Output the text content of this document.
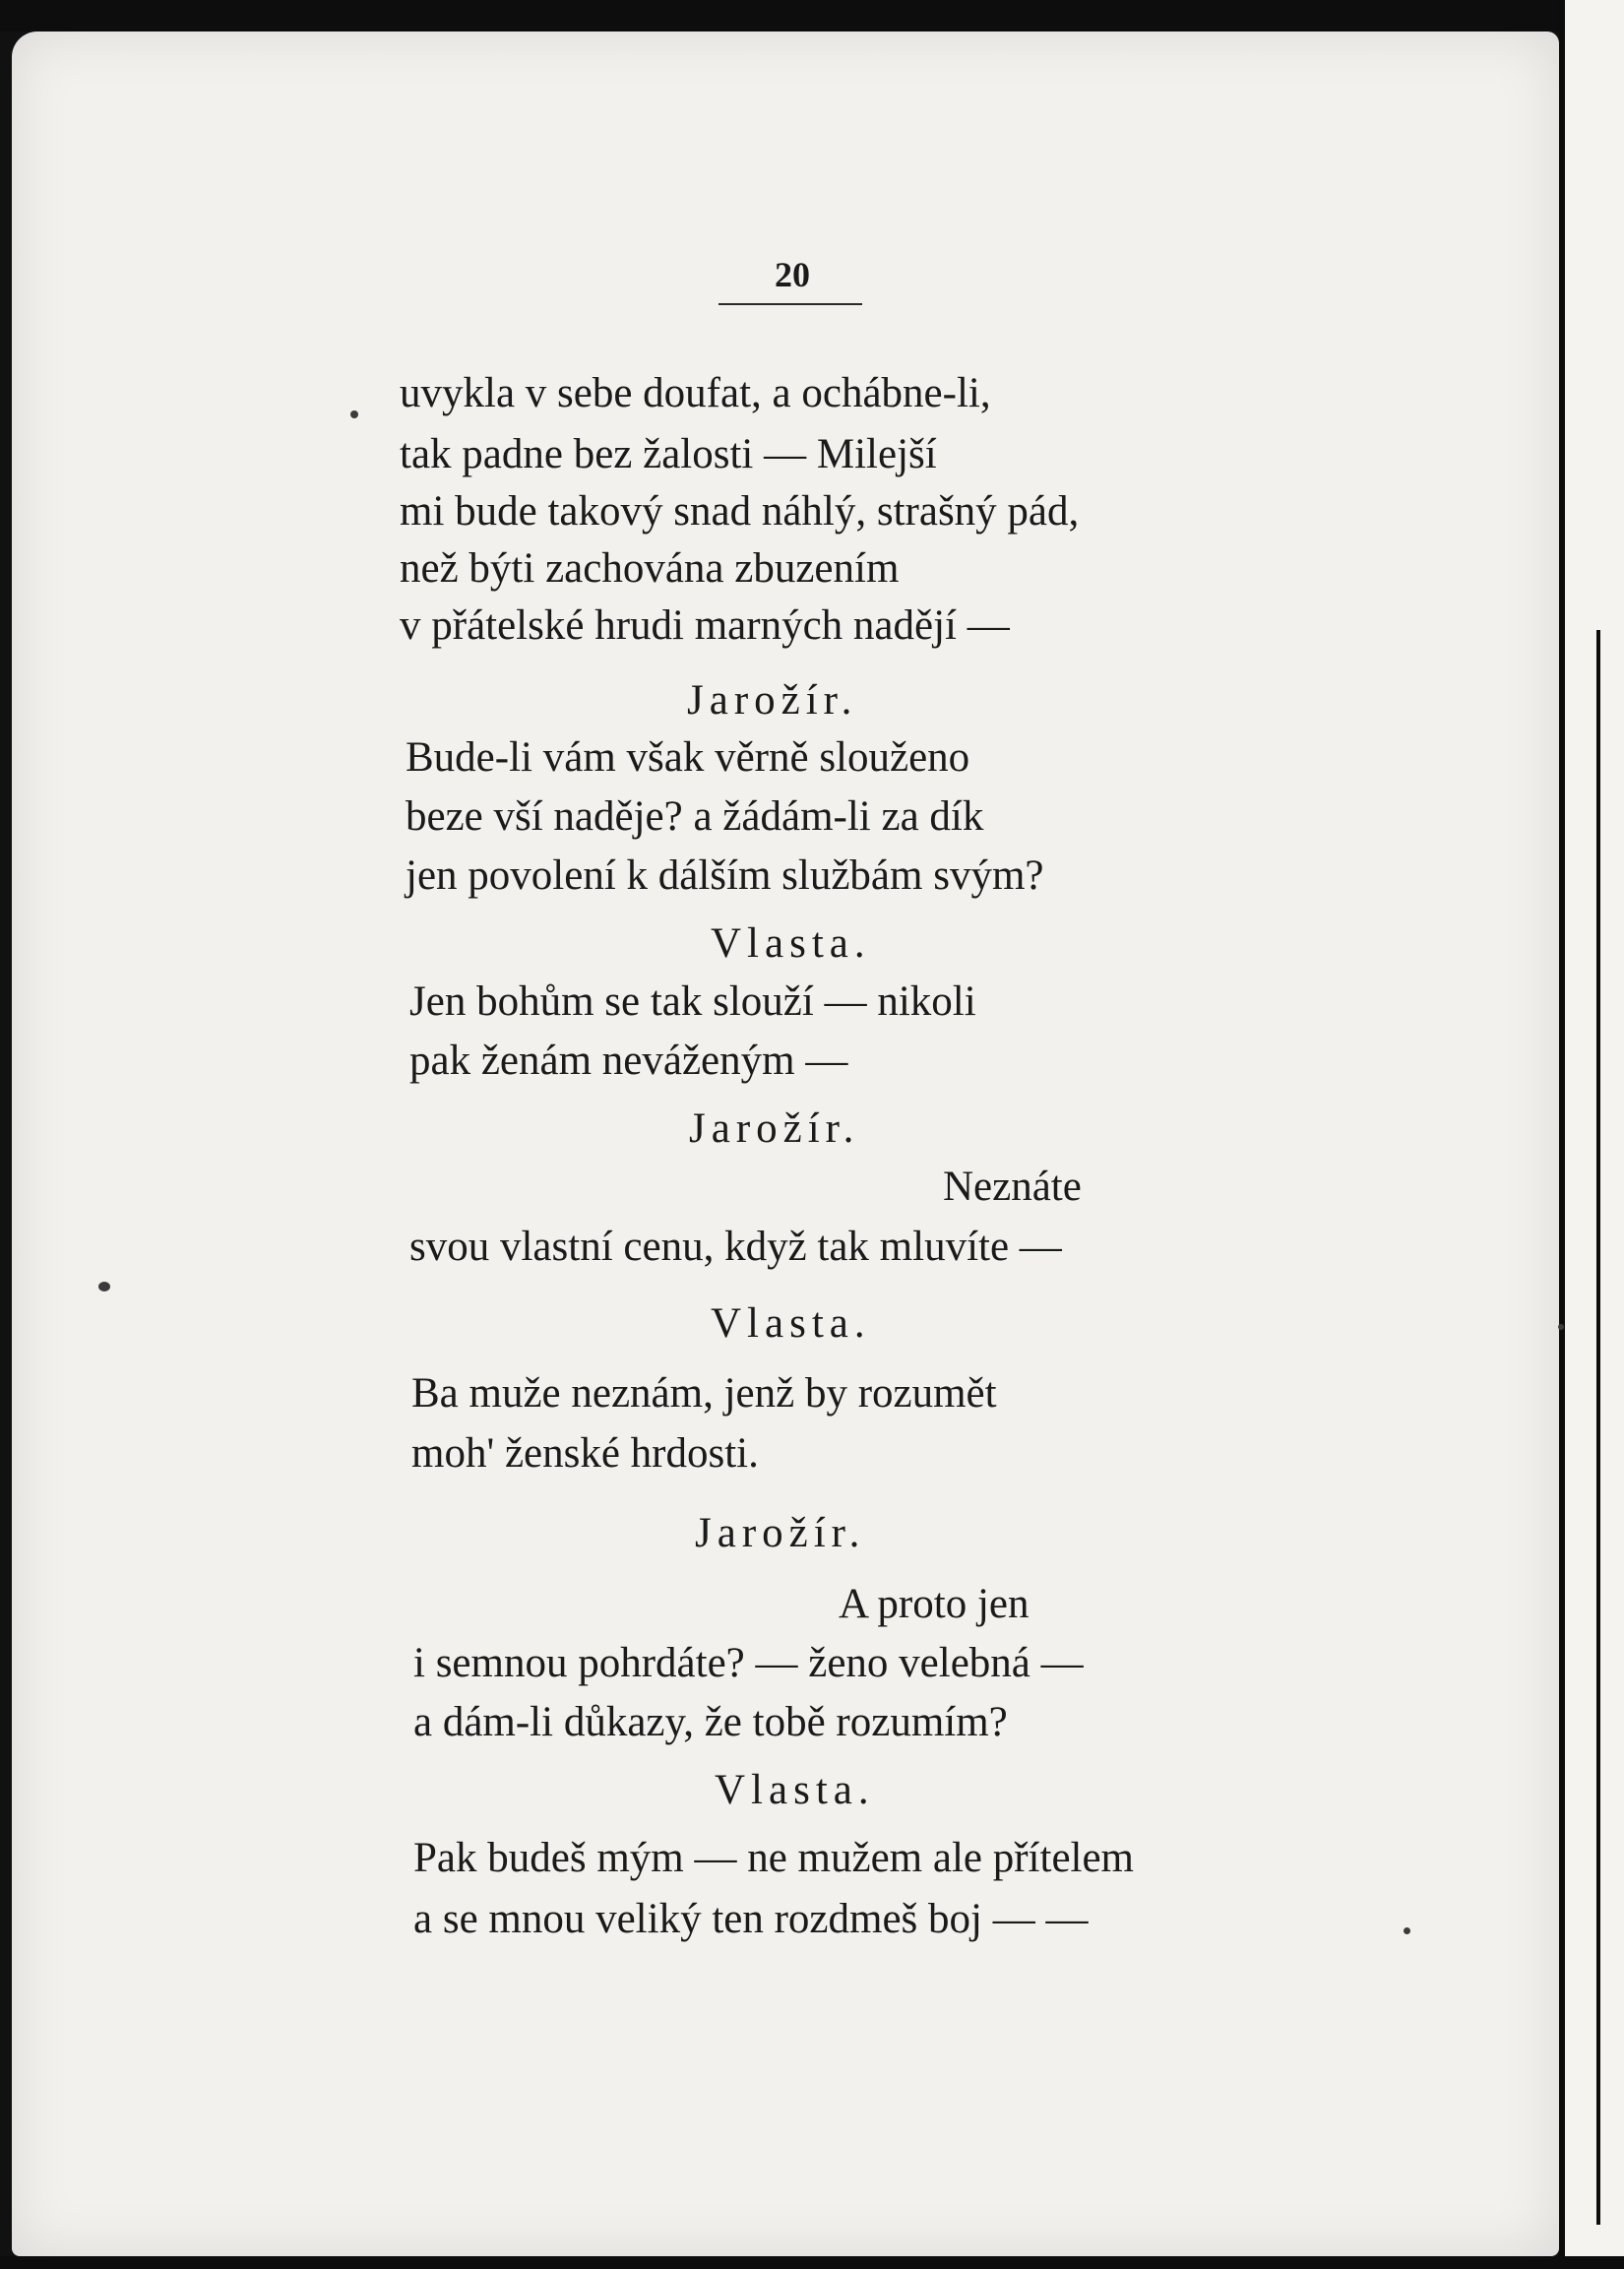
20
uvykla v sebe doufat, a ochábne-li,
tak padne bez žalosti — Milejší
mi bude takový snad náhlý, strašný pád,
než býti zachována zbuzením
v přátelské hrudi marných nadějí —
Jarožír.
Bude-li vám však věrně slouženo
beze vší naděje? a žádám-li za dík
jen povolení k dálším službám svým?
Vlasta.
Jen bohům se tak slouží — nikoli
pak ženám neváženým —
Jarožír.
Neznáte
svou vlastní cenu, když tak mluvíte —
Vlasta.
Ba muže neznám, jenž by rozumět
moh' ženské hrdosti.
Jarožír.
A proto jen
i semnou pohrdáte? — ženo velebná —
a dám-li důkazy, že tobě rozumím?
Vlasta.
Pak budeš mým — ne mužem ale přítelem
a se mnou veliký ten rozdmeš boj — —
